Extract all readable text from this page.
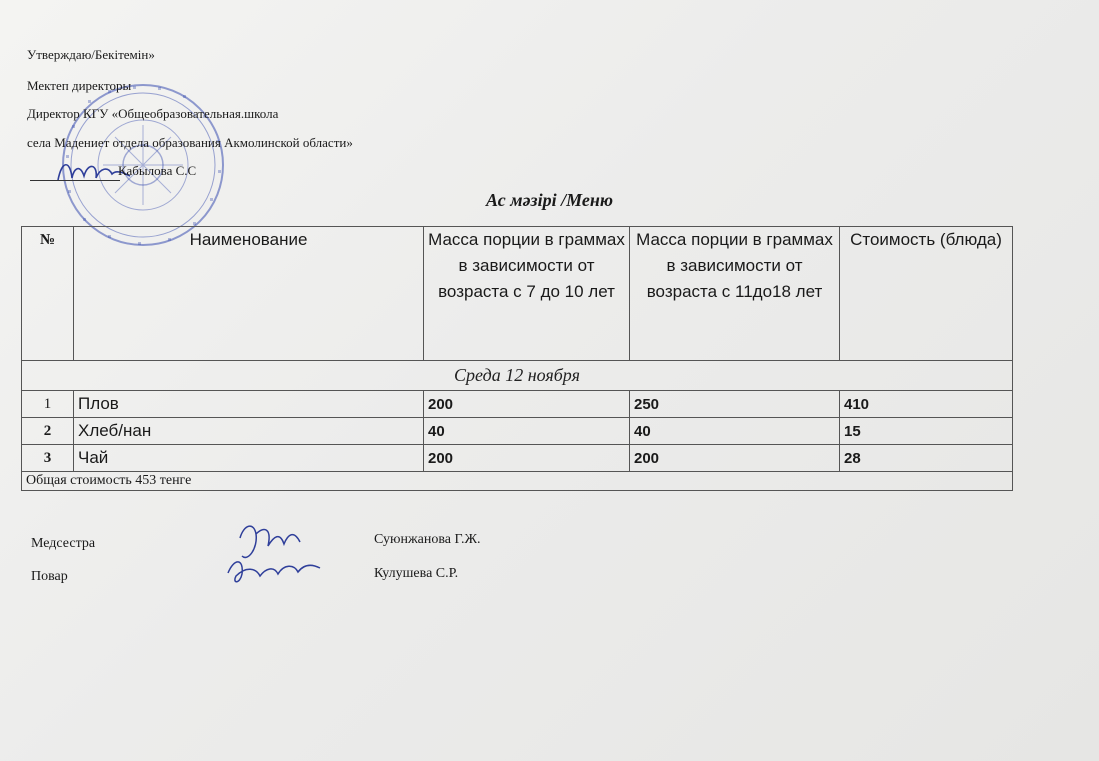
Утверждаю/Бекітемін»
Мектеп директоры
Директор КГУ «Общеобразовательная.школа
села Мадениет отдела образования Акмолинской области»
Кабылова С.С
Ас мәзірі /Меню
№	Наименование	Масса порции в граммах в зависимости от возраста с 7 до 10 лет	Масса порции в граммах в зависимости от возраста с 11до18 лет	Стоимость (блюда)
Среда 12 ноября				
1	Плов	200	250	410
2	Хлеб/нан	40	40	15
3	Чай	200	200	28
Общая стоимость 453 тенге				
Медсестра
Повар
Суюнжанова Г.Ж.
Кулушева С.Р.
